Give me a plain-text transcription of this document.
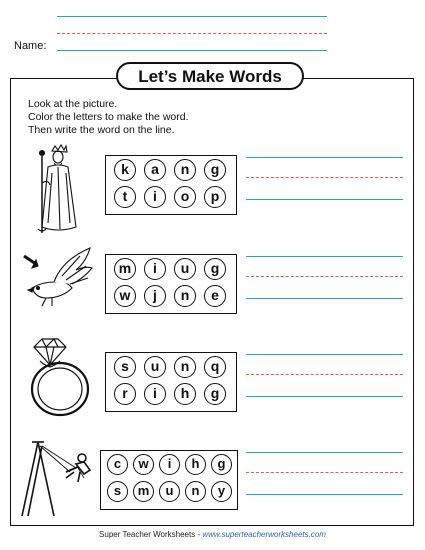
Name:
Let’s Make Words
Look at the picture.
Color the letters to make the word.
Then write the word on the line.
k	a	n	g
t	i	o	p
m	i	u	g
w	j	n	e
s	u	n	q
r	i	h	g
c	w	i	h	g
s	m	u	n	y
Super Teacher Worksheets - www.superteacherworksheets.com
